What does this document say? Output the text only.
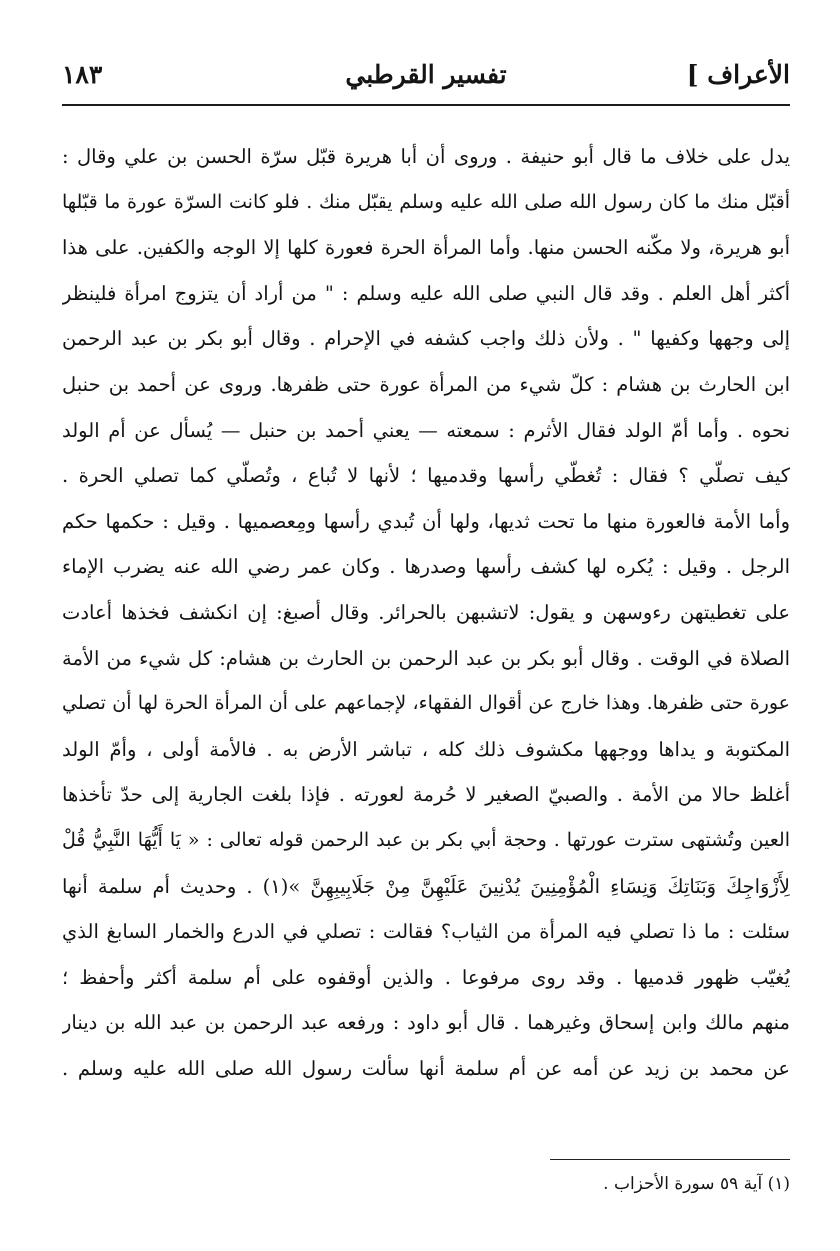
الأعراف ]
تفسير القرطبي
١٨٣
يدل على خلاف ما قال أبو حنيفة . وروى أن أبا هريرة قبّل سرّة الحسن بن علي وقال :
أقبّل منك ما كان رسول الله صلى الله عليه وسلم يقبّل منك . فلو كانت السرّة عورة ما قبّلها
أبو هريرة، ولا مكّنه الحسن منها. وأما المرأة الحرة فعورة كلها إلا الوجه والكفين. على هذا
أكثر أهل العلم . وقد قال النبي صلى الله عليه وسلم : " من أراد أن يتزوج امرأة فلينظر
إلى وجهها وكفيها " . ولأن ذلك واجب كشفه في الإحرام . وقال أبو بكر بن عبد الرحمن
ابن الحارث بن هشام : كلّ شيء من المرأة عورة حتى ظفرها. وروى عن أحمد بن حنبل
نحوه . وأما أمّ الولد فقال الأثرم : سمعته — يعني أحمد بن حنبل — يُسأل عن أم الولد
كيف تصلّي ؟ فقال : تُغطّي رأسها وقدميها ؛ لأنها لا تُباع ، وتُصلّي كما تصلي الحرة .
وأما الأمة فالعورة منها ما تحت ثديها، ولها أن تُبدي رأسها ومِعصميها . وقيل : حكمها حكم
الرجل . وقيل : يُكره لها كشف رأسها وصدرها . وكان عمر رضي الله عنه يضرب الإماء
على تغطيتهن رءوسهن و يقول: لاتشبهن بالحرائر. وقال أصبغ: إن انكشف فخذها أعادت
الصلاة في الوقت . وقال أبو بكر بن عبد الرحمن بن الحارث بن هشام: كل شيء من الأمة
عورة حتى ظفرها. وهذا خارج عن أقوال الفقهاء، لإجماعهم على أن المرأة الحرة لها أن تصلي
المكتوبة و يداها ووجهها مكشوف ذلك كله ، تباشر الأرض به . فالأمة أولى ، وأمّ الولد
أغلظ حالا من الأمة . والصبيّ الصغير لا حُرمة لعورته . فإذا بلغت الجارية إلى حدّ تأخذها
العين وتُشتهى سترت عورتها . وحجة أبي بكر بن عبد الرحمن قوله تعالى : « يَا أَيُّهَا النَّبِيُّ قُلْ
لِأَزْوَاجِكَ وَبَنَاتِكَ وَنِسَاءِ الْمُؤْمِنِينَ يُدْنِينَ عَلَيْهِنَّ مِنْ جَلَابِيبِهِنَّ »(١) . وحديث أم سلمة أنها
سئلت : ما ذا تصلي فيه المرأة من الثياب؟ فقالت : تصلي في الدرع والخمار السابغ الذي
يُغيّب ظهور قدميها . وقد روى مرفوعا . والذين أوقفوه على أم سلمة أكثر وأحفظ ؛
منهم مالك وابن إسحاق وغيرهما . قال أبو داود : ورفعه عبد الرحمن بن عبد الله بن دينار
عن محمد بن زيد عن أمه عن أم سلمة أنها سألت رسول الله صلى الله عليه وسلم .
(١) آية ٥٩ سورة الأحزاب .
